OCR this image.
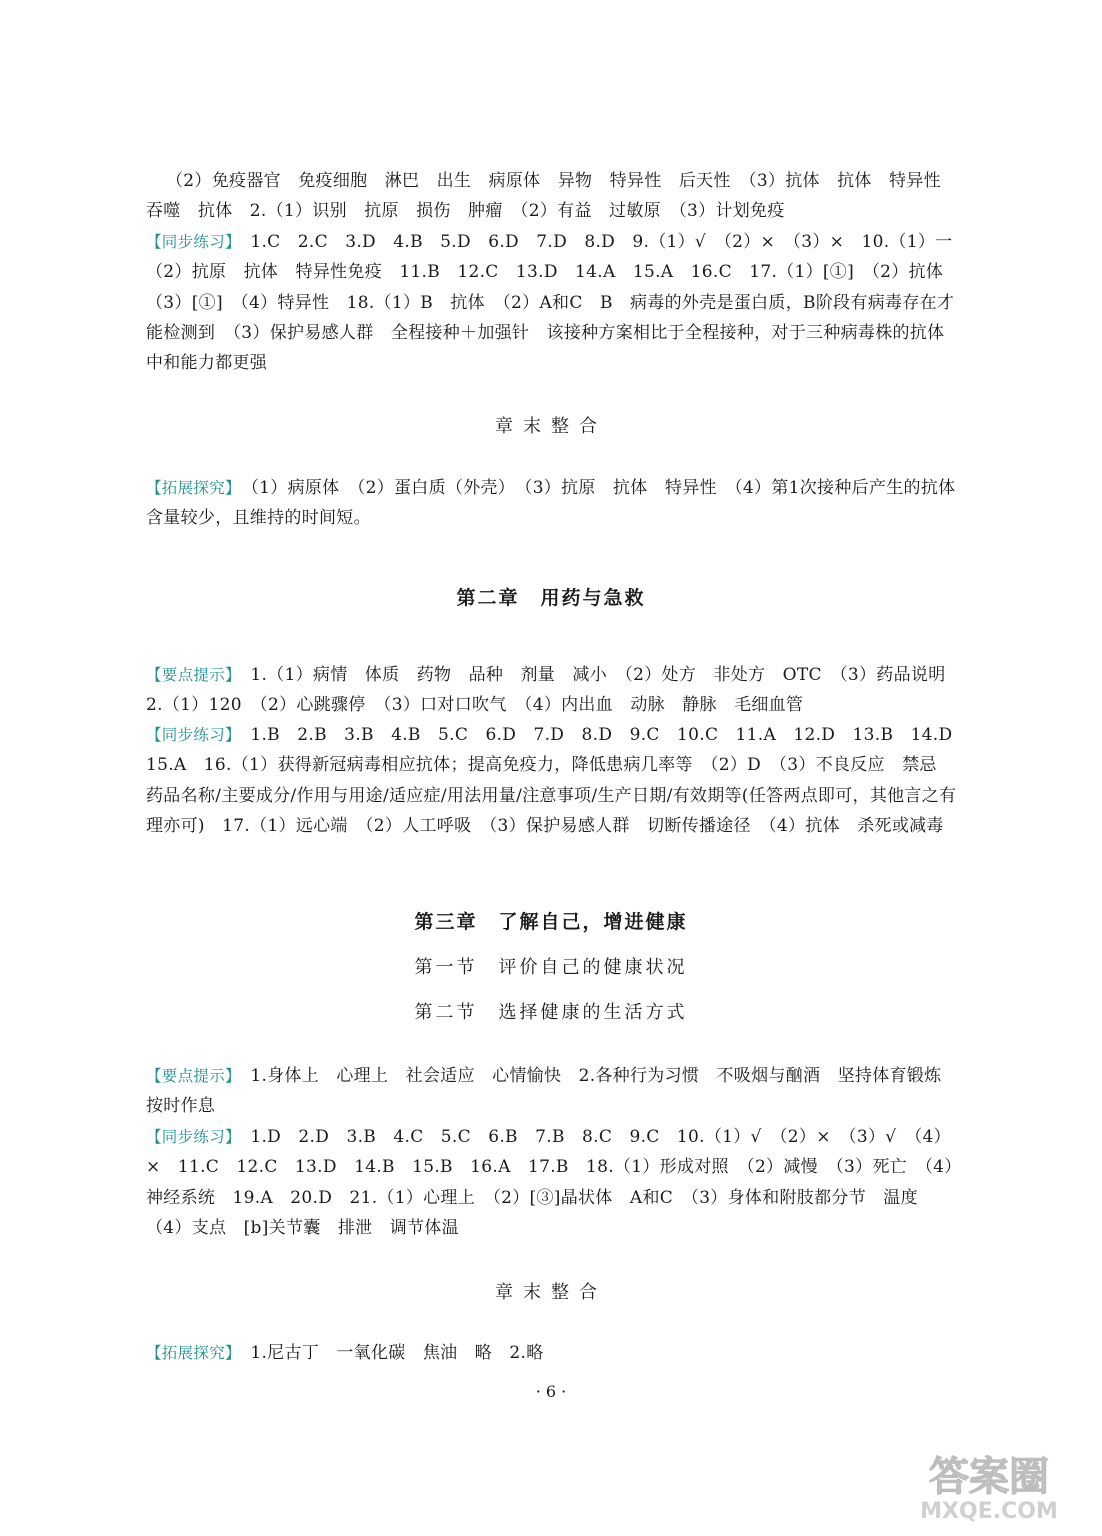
（2）免疫器官　免疫细胞　淋巴　出生　病原体　异物　特异性　后天性　（3）抗体　抗体　特异性　吞噬　抗体　2.（1）识别　抗原　损伤　肿瘤　（2）有益　过敏原　（3）计划免疫
【同步练习】　1.C　2.C　3.D　4.B　5.D　6.D　7.D　8.D　9.（1）√　（2）×　（3）×　10.（1）一　（2）抗原　抗体　特异性免疫　11.B　12.C　13.D　14.A　15.A　16.C　17.（1）[①]　（2）抗体　（3）[①]　（4）特异性　18.（1）B　抗体　（2）A和C　B　病毒的外壳是蛋白质，B阶段有病毒存在才能检测到　（3）保护易感人群　全程接种＋加强针　该接种方案相比于全程接种，对于三种病毒株的抗体中和能力都更强
章末整合
【拓展探究】　（1）病原体　（2）蛋白质（外壳）　（3）抗原　抗体　特异性　（4）第1次接种后产生的抗体含量较少，且维持的时间短。
第二章　用药与急救
【要点提示】　1.（1）病情　体质　药物　品种　剂量　减小　（2）处方　非处方　OTC　（3）药品说明　2.（1）120　（2）心跳骤停　（3）口对口吹气　（4）内出血　动脉　静脉　毛细血管
【同步练习】　1.B　2.B　3.B　4.B　5.C　6.D　7.D　8.D　9.C　10.C　11.A　12.D　13.B　14.D　15.A　16.（1）获得新冠病毒相应抗体；提高免疫力，降低患病几率等　（2）D　（3）不良反应　禁忌　药品名称/主要成分/作用与用途/适应症/用法用量/注意事项/生产日期/有效期等(任答两点即可，其他言之有理亦可)　17.（1）远心端　（2）人工呼吸　（3）保护易感人群　切断传播途径　（4）抗体　杀死或减毒
第三章　了解自己，增进健康
第一节　评价自己的健康状况
第二节　选择健康的生活方式
【要点提示】　1.身体上　心理上　社会适应　心情愉快　2.各种行为习惯　不吸烟与酗酒　坚持体育锻炼　按时作息
【同步练习】　1.D　2.D　3.B　4.C　5.C　6.B　7.B　8.C　9.C　10.（1）√　（2）×　（3）√　（4）×　11.C　12.C　13.D　14.B　15.B　16.A　17.B　18.（1）形成对照　（2）减慢　（3）死亡　（4）神经系统　19.A　20.D　21.（1）心理上　（2）[③]晶状体　A和C　（3）身体和附肢都分节　温度　（4）支点　[b]关节囊　排泄　调节体温
章末整合
【拓展探究】　1.尼古丁　一氧化碳　焦油　略　2.略
· 6 ·
答案圈
MXQE.COM
